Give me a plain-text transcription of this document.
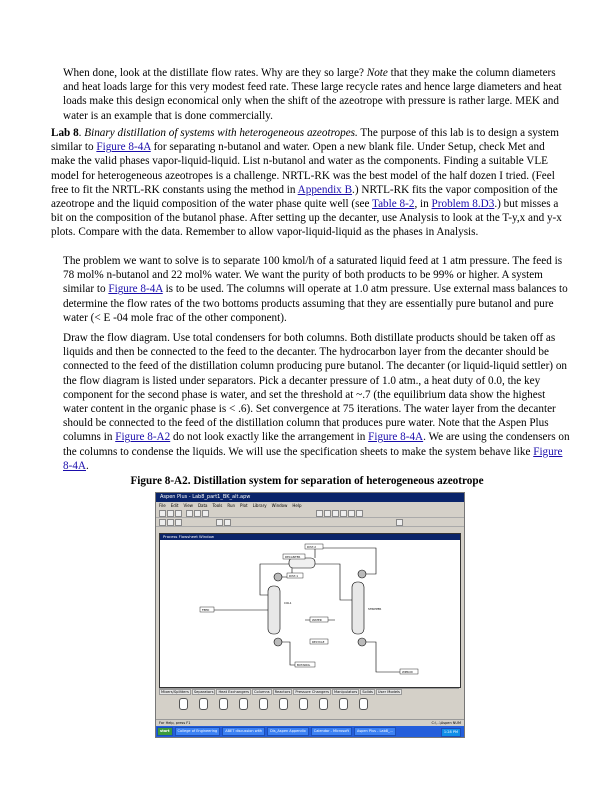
When done, look at the distillate flow rates. Why are they so large? Note that they make the column diameters and heat loads large for this very modest feed rate. These large recycle rates and hence large diameters and heat loads make this design economical only when the shift of the azeotrope with pressure is rather large. MEK and water is an example that is done commercially.

Lab 8. Binary distillation of systems with heterogeneous azeotropes. The purpose of this lab is to design a system similar to Figure 8-4A for separating n-butanol and water. Open a new blank file. Under Setup, check Met and make the valid phases vapor-liquid-liquid. List n-butanol and water as the components. Finding a suitable VLE model for heterogeneous azeotropes is a challenge. NRTL-RK was the best model of the half dozen I tried. (Feel free to fit the NRTL-RK constants using the method in Appendix B.) NRTL-RK fits the vapor composition of the azeotrope and the liquid composition of the water phase quite well (see Table 8-2, in Problem 8.D3.) but misses a bit on the composition of the butanol phase. After setting up the decanter, use Analysis to look at the T-y,x and y-x plots. Compare with the data. Remember to allow vapor-liquid-liquid as the phases in Analysis.

The problem we want to solve is to separate 100 kmol/h of a saturated liquid feed at 1 atm pressure. The feed is 78 mol% n-butanol and 22 mol% water. We want the purity of both products to be 99% or higher. A system similar to Figure 8-4A is to be used. The columns will operate at 1.0 atm pressure. Use external mass balances to determine the flow rates of the two bottoms products assuming that they are essentially pure butanol and pure water (< E -04 mole frac of the other component).

Draw the flow diagram. Use total condensers for both columns. Both distillate products should be taken off as liquids and then be connected to the feed to the decanter. The hydrocarbon layer from the decanter should be connected to the feed of the distillation column producing pure butanol. The decanter (or liquid-liquid settler) on the flow diagram is listed under separators. Pick a decanter pressure of 1.0 atm., a heat duty of 0.0, the key component for the second phase is water, and set the threshold at ~.7 (the equilibrium data show the highest water content in the organic phase is < .6). Set convergence at 75 iterations. The water layer from the decanter should be connected to the feed of the distillation column that produces pure water. Note that the Aspen Plus columns in Figure 8-A2 do not look exactly like the arrangement in Figure 8-4A. We are using the condensers on the columns to condense the liquids. We will use the specification sheets to make the system behave like Figure 8-4A.

Figure 8-A2. Distillation system for separation of heterogeneous azeotrope
Aspen Plus - Lab8_part1_BK_alt.apw
File Edit View Data Tools Run Plot Library Window Help
Process Flowsheet Window
DIST-2
DECANTER
DIST-1
FEED
COL1
WATER
RECYCLE
BUTANOL
STRIPPER
WPROD
Mixers/Splitters Separators Heat Exchangers Columns Reactors Pressure Changers Manipulators Solids User Models
For Help, press F1	C:\...\Aspen NUM
start College of Engineering ABET discussion with Dis_Aspen Appendix Calendar - Microsoft Aspen Plus - Lab8_...	1:28 PM
